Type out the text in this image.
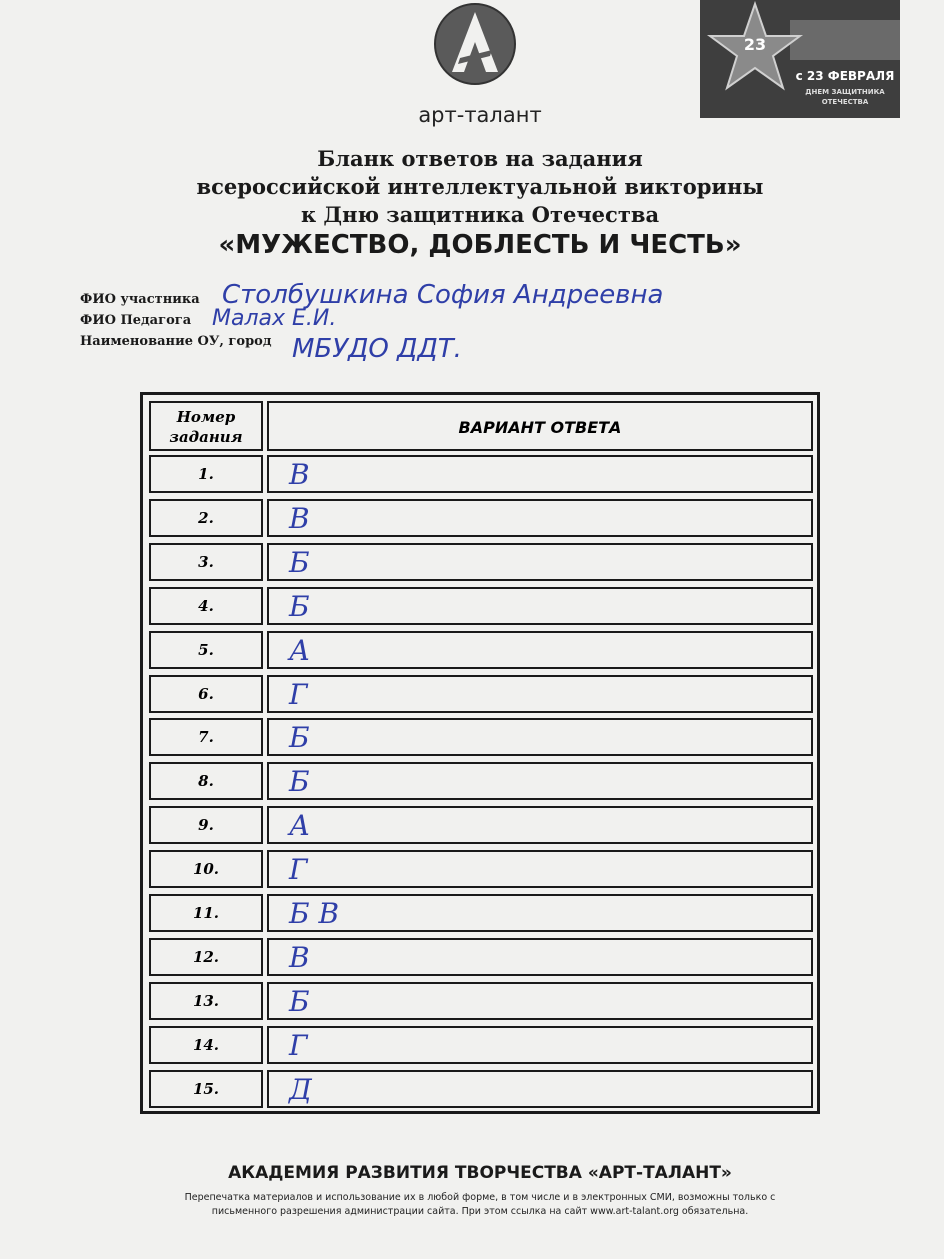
23
с 23 ФЕВРАЛЯ
ДНЕМ ЗАЩИТНИКА
ОТЕЧЕСТВА
арт-талант
Бланк ответов на задания
всероссийской интеллектуальной викторины
к Дню защитника Отечества
«МУЖЕСТВО, ДОБЛЕСТЬ И ЧЕСТЬ»
ФИО участника Столбушкина София Андреевна
ФИО Педагога Малах Е.И.
Наименование ОУ, город МБУДО ДДТ.
Номер
задания	ВАРИАНТ ОТВЕТА
1.	В
2.	В
3.	Б
4.	Б
5.	А
6.	Г
7.	Б
8.	Б
9.	А
10.	Г
11.	Б В
12.	В
13.	Б
14.	Г
15.	Д
АКАДЕМИЯ РАЗВИТИЯ ТВОРЧЕСТВА «АРТ-ТАЛАНТ»
Перепечатка материалов и использование их в любой форме, в том числе и в электронных СМИ, возможны только с
письменного разрешения администрации сайта. При этом ссылка на сайт www.art-talant.org обязательна.
